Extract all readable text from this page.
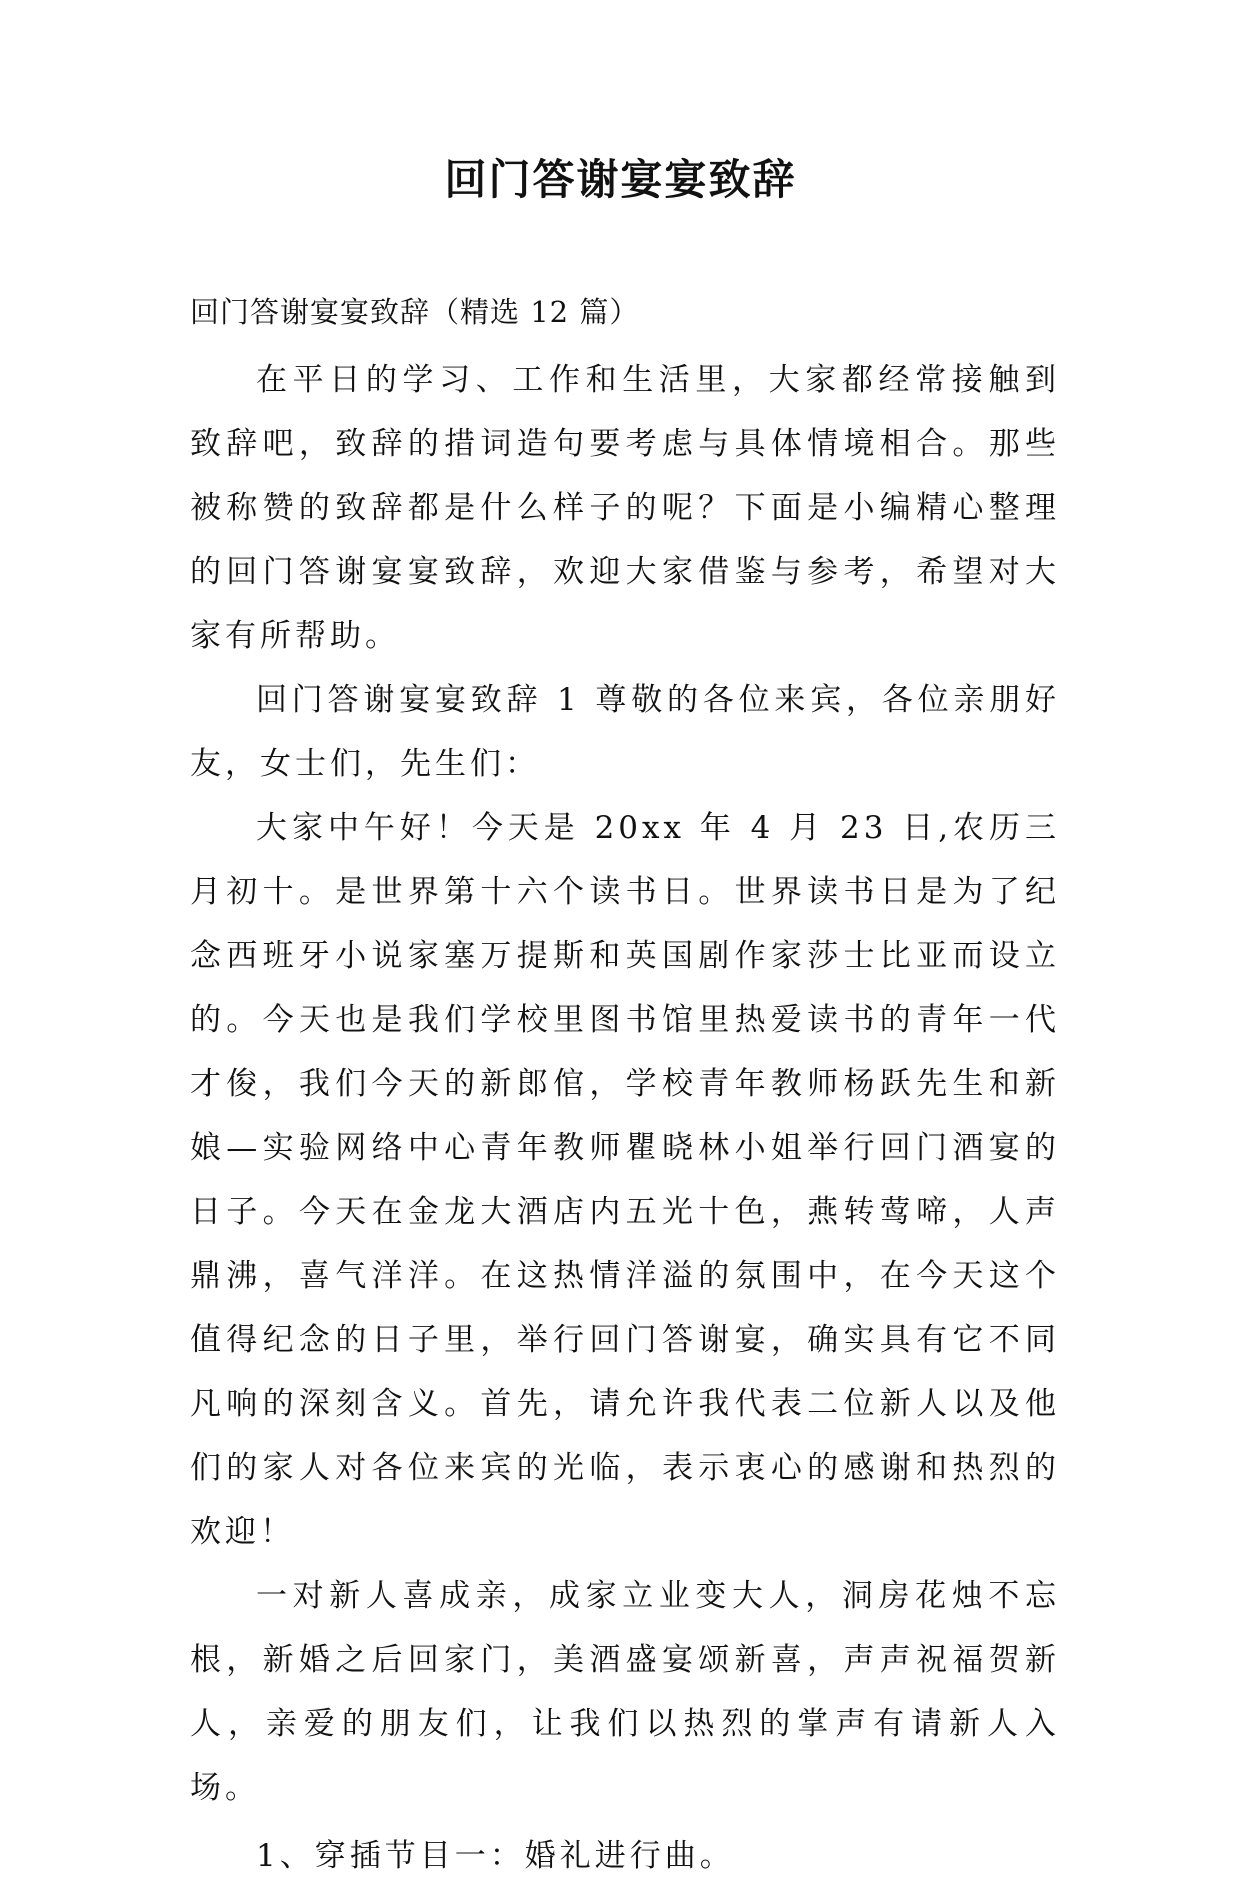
回门答谢宴宴致辞
回门答谢宴宴致辞（精选 12 篇）

在平日的学习、工作和生活里，大家都经常接触到致辞吧，致辞的措词造句要考虑与具体情境相合。那些被称赞的致辞都是什么样子的呢？下面是小编精心整理的回门答谢宴宴致辞，欢迎大家借鉴与参考，希望对大家有所帮助。

回门答谢宴宴致辞 1 尊敬的各位来宾，各位亲朋好友，女士们，先生们：

大家中午好！今天是 20xx 年 4 月 23 日,农历三月初十。是世界第十六个读书日。世界读书日是为了纪念西班牙小说家塞万提斯和英国剧作家莎士比亚而设立的。今天也是我们学校里图书馆里热爱读书的青年一代才俊，我们今天的新郎倌，学校青年教师杨跃先生和新娘—实验网络中心青年教师瞿晓林小姐举行回门酒宴的日子。今天在金龙大酒店内五光十色，燕转莺啼，人声鼎沸，喜气洋洋。在这热情洋溢的氛围中，在今天这个值得纪念的日子里，举行回门答谢宴，确实具有它不同凡响的深刻含义。首先，请允许我代表二位新人以及他们的家人对各位来宾的光临，表示衷心的感谢和热烈的欢迎！

一对新人喜成亲，成家立业变大人，洞房花烛不忘根，新婚之后回家门，美酒盛宴颂新喜，声声祝福贺新人，亲爱的朋友们，让我们以热烈的掌声有请新人入场。

1、穿插节目一：婚礼进行曲。
